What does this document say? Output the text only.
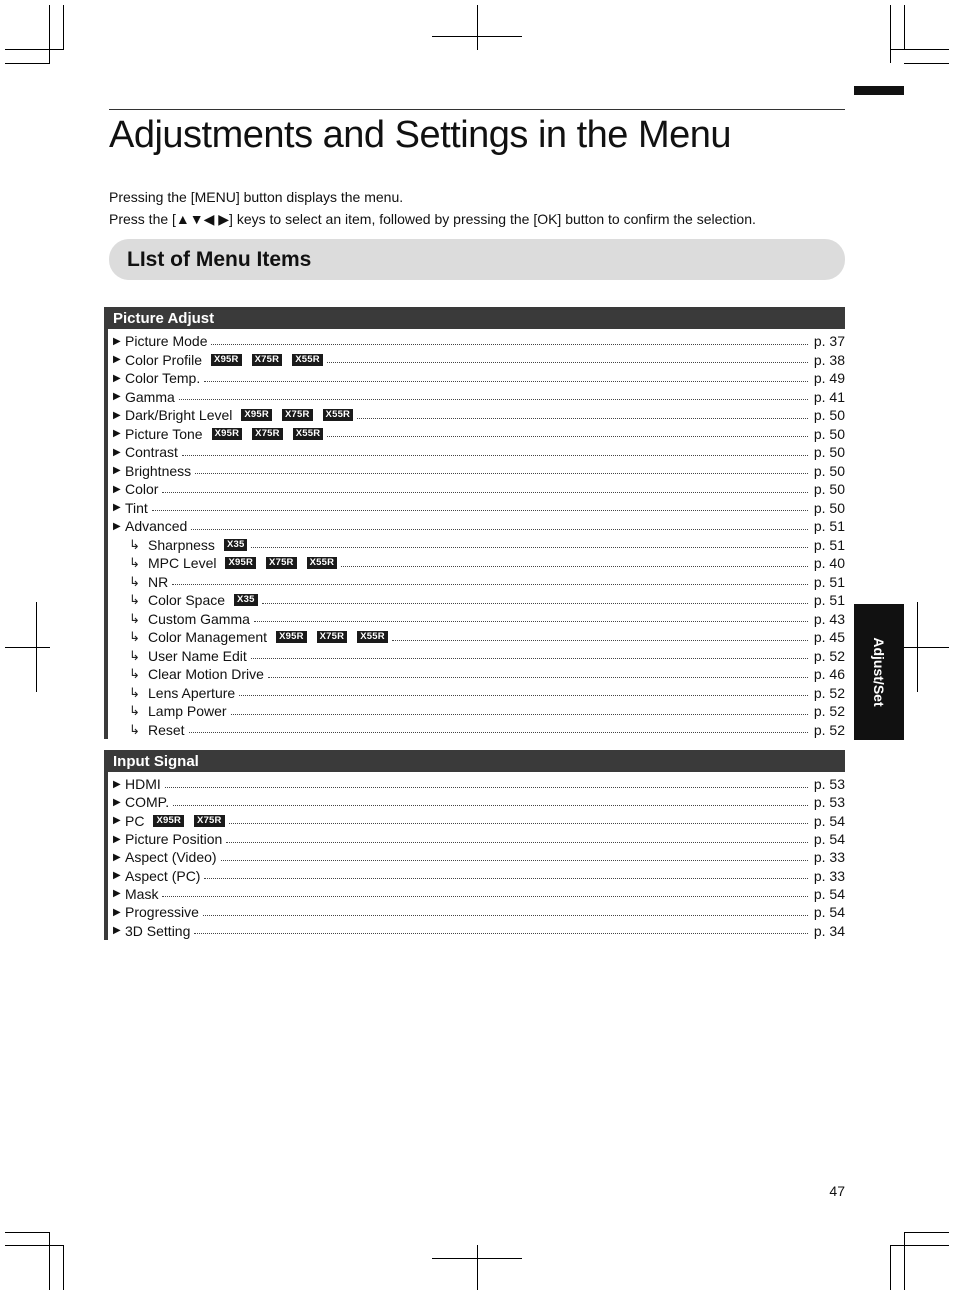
Adjustments and Settings in the Menu

Pressing the [MENU] button displays the menu.

Press the [▲▼◀ ▶] keys to select an item, followed by pressing the [OK] button to confirm the selection.

LIst of Menu Items
Picture Adjust
▶ Picture Mode	p. 37
▶ Color Profile	X95R	X75R	X55R	p. 38
▶ Color Temp.	p. 49
▶ Gamma	p. 41
▶ Dark/Bright Level	X95R	X75R	X55R	p. 50
▶ Picture Tone	X95R	X75R	X55R	p. 50
▶ Contrast	p. 50
▶ Brightness	p. 50
▶ Color	p. 50
▶ Tint	p. 50
▶ Advanced	p. 51
↳ Sharpness	X35	p. 51
↳ MPC Level	X95R	X75R	X55R	p. 40
↳ NR	p. 51
↳ Color Space	X35	p. 51
↳ Custom Gamma	p. 43
↳ Color Management	X95R	X75R	X55R	p. 45
↳ User Name Edit	p. 52
↳ Clear Motion Drive	p. 46
↳ Lens Aperture	p. 52
↳ Lamp Power	p. 52
↳ Reset	p. 52
Input Signal
▶ HDMI	p. 53
▶ COMP.	p. 53
▶ PC	X95R	X75R	p. 54
▶ Picture Position	p. 54
▶ Aspect (Video)	p. 33
▶ Aspect (PC)	p. 33
▶ Mask	p. 54
▶ Progressive	p. 54
▶ 3D Setting	p. 34
Adjust/Set
47
